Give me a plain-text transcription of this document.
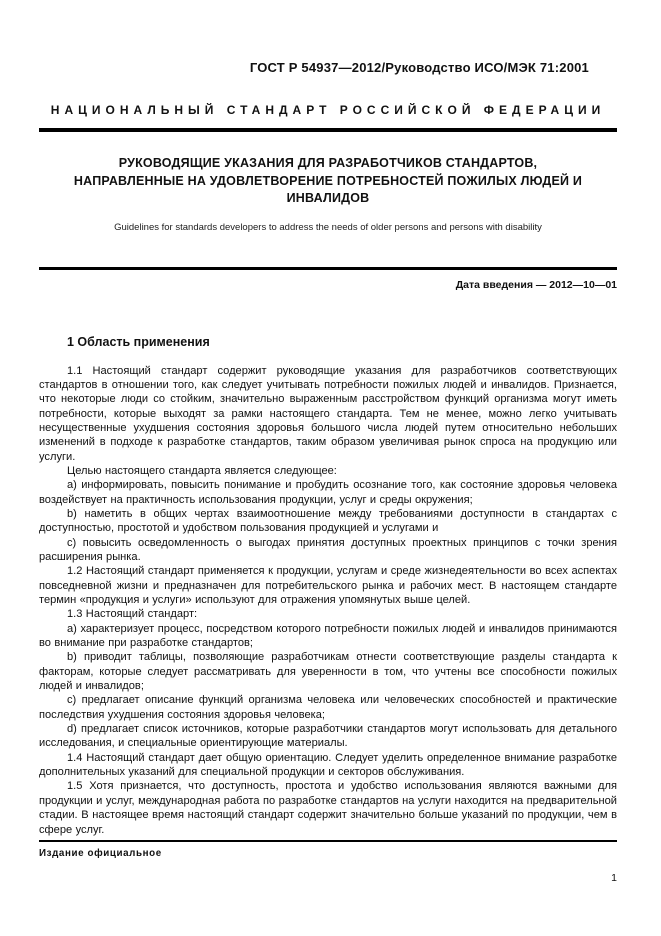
ГОСТ Р 54937—2012/Руководство ИСО/МЭК 71:2001
НАЦИОНАЛЬНЫЙ СТАНДАРТ РОССИЙСКОЙ ФЕДЕРАЦИИ
РУКОВОДЯЩИЕ УКАЗАНИЯ ДЛЯ РАЗРАБОТЧИКОВ СТАНДАРТОВ,
НАПРАВЛЕННЫЕ НА УДОВЛЕТВОРЕНИЕ ПОТРЕБНОСТЕЙ ПОЖИЛЫХ ЛЮДЕЙ И ИНВАЛИДОВ
Guidelines for standards developers to address the needs of older persons and persons with disability
Дата введения — 2012—10—01
1 Область применения

1.1 Настоящий стандарт содержит руководящие указания для разработчиков соответствующих стандартов в отношении того, как следует учитывать потребности пожилых людей и инвалидов. Признается, что некоторые люди со стойким, значительно выраженным расстройством функций организма могут иметь потребности, которые выходят за рамки настоящего стандарта. Тем не менее, можно легко учитывать несущественные ухудшения состояния здоровья большого числа людей путем относительно небольших изменений в подходе к разработке стандартов, таким образом увеличивая рынок спроса на продукцию или услуги.

Целью настоящего стандарта является следующее:

a) информировать, повысить понимание и пробудить осознание того, как состояние здоровья человека воздействует на практичность использования продукции, услуг и среды окружения;

b) наметить в общих чертах взаимоотношение между требованиями доступности в стандартах с доступностью, простотой и удобством пользования продукцией и услугами и

c) повысить осведомленность о выгодах принятия доступных проектных принципов с точки зрения расширения рынка.

1.2 Настоящий стандарт применяется к продукции, услугам и среде жизнедеятельности во всех аспектах повседневной жизни и предназначен для потребительского рынка и рабочих мест. В настоящем стандарте термин «продукция и услуги» используют для отражения упомянутых выше целей.

1.3 Настоящий стандарт:

a) характеризует процесс, посредством которого потребности пожилых людей и инвалидов принимаются во внимание при разработке стандартов;

b) приводит таблицы, позволяющие разработчикам отнести соответствующие разделы стандарта к факторам, которые следует рассматривать для уверенности в том, что учтены все способности пожилых людей и инвалидов;

c) предлагает описание функций организма человека или человеческих способностей и практические последствия ухудшения состояния здоровья человека;

d) предлагает список источников, которые разработчики стандартов могут использовать для детального исследования, и специальные ориентирующие материалы.

1.4 Настоящий стандарт дает общую ориентацию. Следует уделить определенное внимание разработке дополнительных указаний для специальной продукции и секторов обслуживания.

1.5 Хотя признается, что доступность, простота и удобство использования являются важными для продукции и услуг, международная работа по разработке стандартов на услуги находится на предварительной стадии. В настоящее время настоящий стандарт содержит значительно больше указаний по продукции, чем в сфере услуг.

Издание официальное
1
